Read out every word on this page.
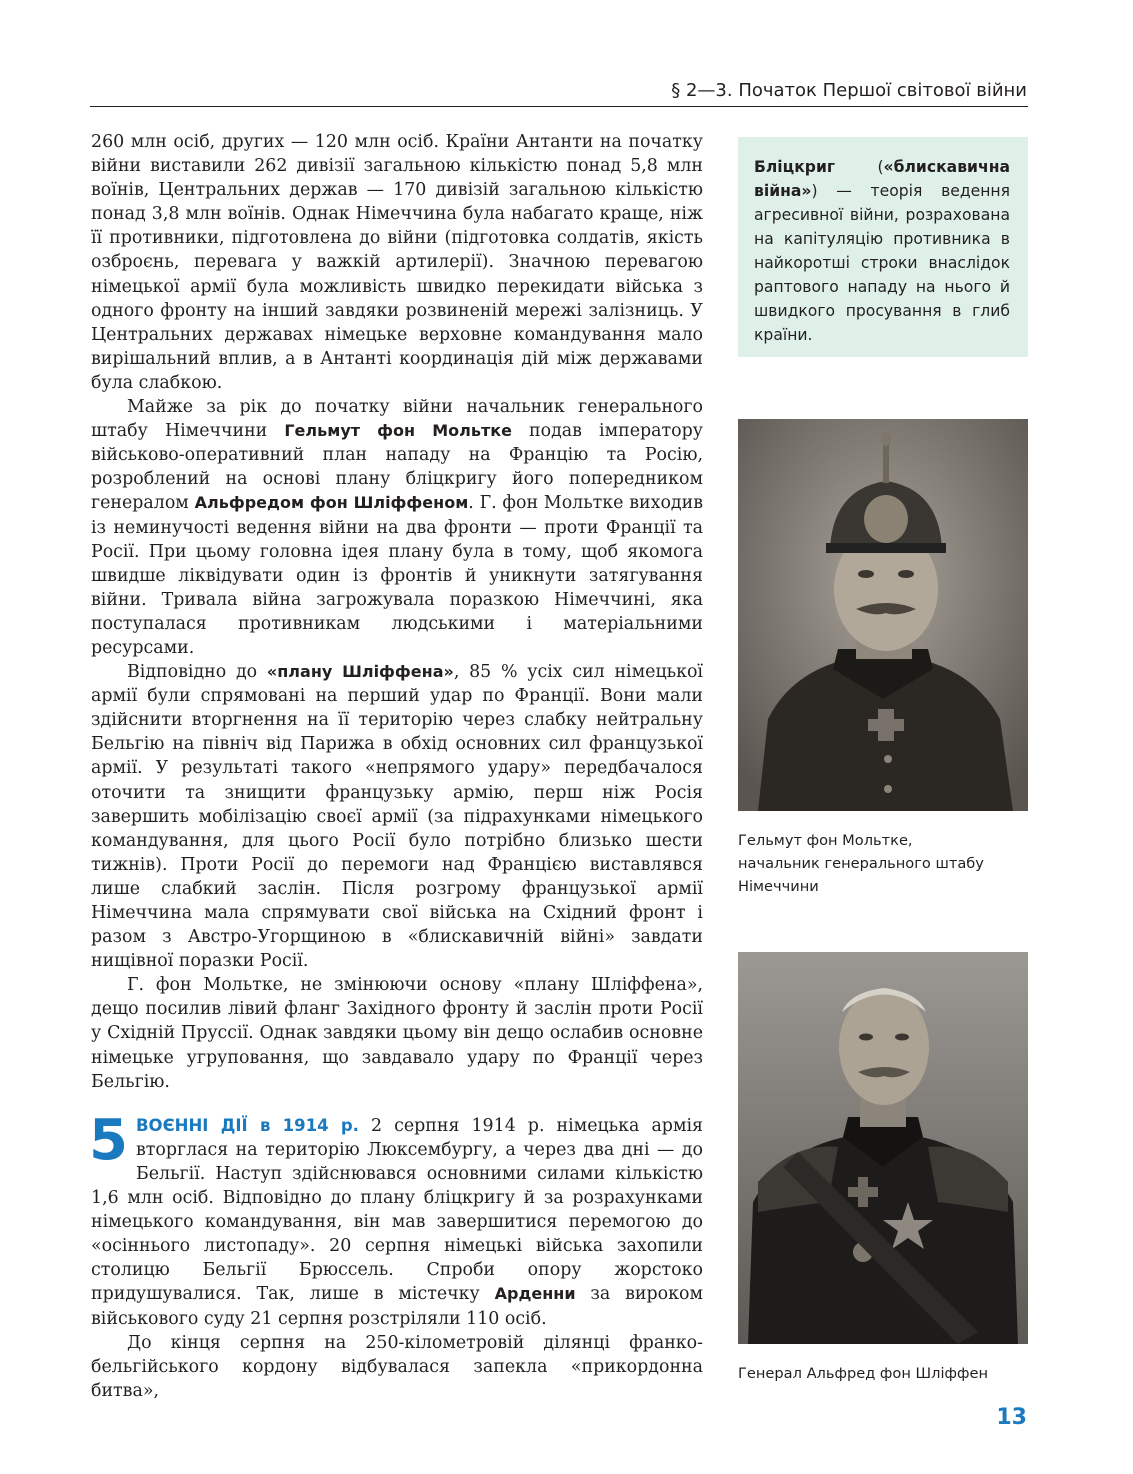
§ 2—3. Початок Першої світової війни

260 млн осіб, других — 120 млн осіб. Країни Антанти на початку війни виставили 262 дивізії загальною кількістю понад 5,8 млн воїнів, Центральних держав — 170 дивізій загальною кількістю понад 3,8 млн воїнів. Однак Німеччина була набагато краще, ніж її противники, підготовлена до війни (підготовка солдатів, якість озброєнь, перевага у важкій артилерії). Значною перевагою німецької армії була можливість швидко перекидати війська з одного фронту на інший завдяки розвиненій мережі залізниць. У Центральних державах німецьке верховне командування мало вирішальний вплив, а в Антанті координація дій між державами була слабкою.

Майже за рік до початку війни начальник генерального штабу Німеччини Гельмут фон Мольтке подав імператору військово-оперативний план нападу на Францію та Росію, розроблений на основі плану бліцкригу його попередником генералом Альфредом фон Шліффеном. Г. фон Мольтке виходив із неминучості ведення війни на два фронти — проти Франції та Росії. При цьому головна ідея плану була в тому, щоб якомога швидше ліквідувати один із фронтів й уникнути затягування війни. Тривала війна загрожувала поразкою Німеччині, яка поступалася противникам людськими і матеріальними ресурсами.

Відповідно до «плану Шліффена», 85 % усіх сил німецької армії були спрямовані на перший удар по Франції. Вони мали здійснити вторгнення на її територію через слабку нейтральну Бельгію на північ від Парижа в обхід основних сил французької армії. У результаті такого «непрямого удару» передбачалося оточити та знищити французьку армію, перш ніж Росія завершить мобілізацію своєї армії (за підрахунками німецького командування, для цього Росії було потрібно близько шести тижнів). Проти Росії до перемоги над Францією виставлявся лише слабкий заслін. Після розгрому французької армії Німеччина мала спрямувати свої війська на Східний фронт і разом з Австро-Угорщиною в «блискавичній війні» завдати нищівної поразки Росії.

Г. фон Мольтке, не змінюючи основу «плану Шліффена», дещо посилив лівий фланг Західного фронту й заслін проти Росії у Східній Пруссії. Однак завдяки цьому він дещо ослабив основне німецьке угруповання, що завдавало удару по Франції через Бельгію.

5 ВОЄННІ ДІЇ в 1914 р. 2 серпня 1914 р. німецька армія вторглася на територію Люксембургу, а через два дні — до Бельгії. Наступ здійснювався основними силами кількістю 1,6 млн осіб. Відповідно до плану бліцкригу й за розрахунками німецького командування, він мав завершитися перемогою до «осіннього листопаду». 20 серпня німецькі війська захопили столицю Бельгії Брюссель. Спроби опору жорстоко придушувалися. Так, лише в містечку Арденни за вироком військового суду 21 серпня розстріляли 110 осіб.

До кінця серпня на 250-кілометровій ділянці франко-бельгійського кордону відбувалася запекла «прикордонна битва»,

Бліцкриг («блискавична війна») — теорія ведення агресивної війни, розрахована на капітуляцію противника в найкоротші строки внаслідок раптового нападу на нього й швидкого просування в глиб країни.
Гельмут фон Мольтке,
начальник генерального штабу
Німеччини
Генерал Альфред фон Шліффен
13
